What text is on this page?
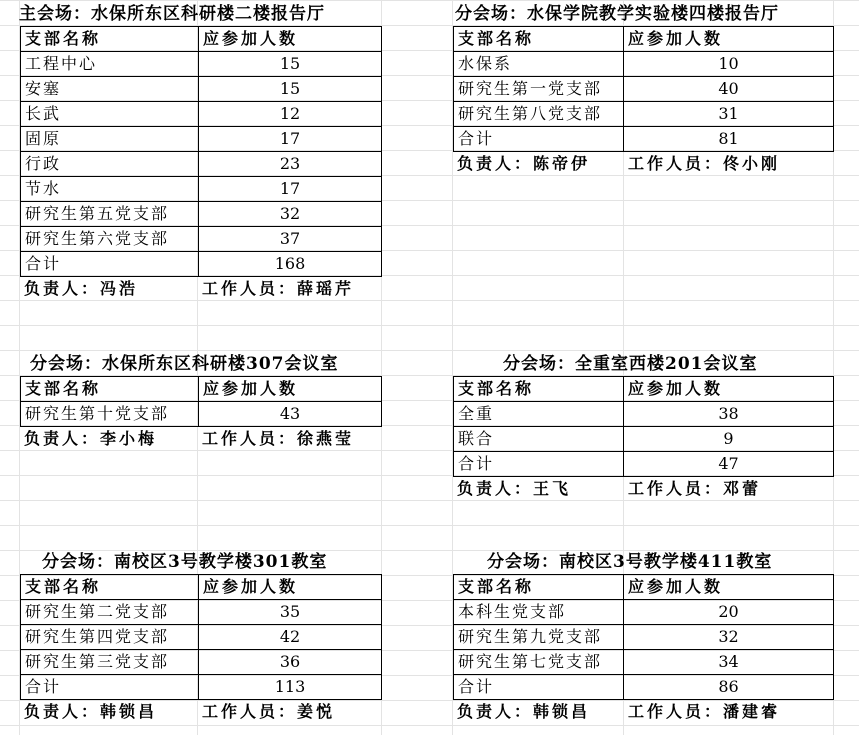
主会场：水保所东区科研楼二楼报告厅
支部名称	应参加人数
工程中心	15
安塞	15
长武	12
固原	17
行政	23
节水	17
研究生第五党支部	32
研究生第六党支部	37
合计	168
负责人：冯浩	工作人员：薛瑶芹
分会场：水保学院教学实验楼四楼报告厅
支部名称	应参加人数
水保系	10
研究生第一党支部	40
研究生第八党支部	31
合计	81
负责人：陈帝伊 工作人员：佟小刚
分会场：水保所东区科研楼307会议室
支部名称	应参加人数
研究生第十党支部	43
负责人：李小梅	工作人员：徐燕莹
分会场：全重室西楼201会议室
支部名称	应参加人数
全重	38
联合	9
合计	47
负责人：王飞	工作人员：邓蕾
分会场：南校区3号教学楼301教室
支部名称	应参加人数
研究生第二党支部	35
研究生第四党支部	42
研究生第三党支部	36
合计	113
负责人：韩锁昌	工作人员：姜悦
分会场：南校区3号教学楼411教室
支部名称	应参加人数
本科生党支部	20
研究生第九党支部	32
研究生第七党支部	34
合计	86
负责人：韩锁昌 工作人员：潘建睿
